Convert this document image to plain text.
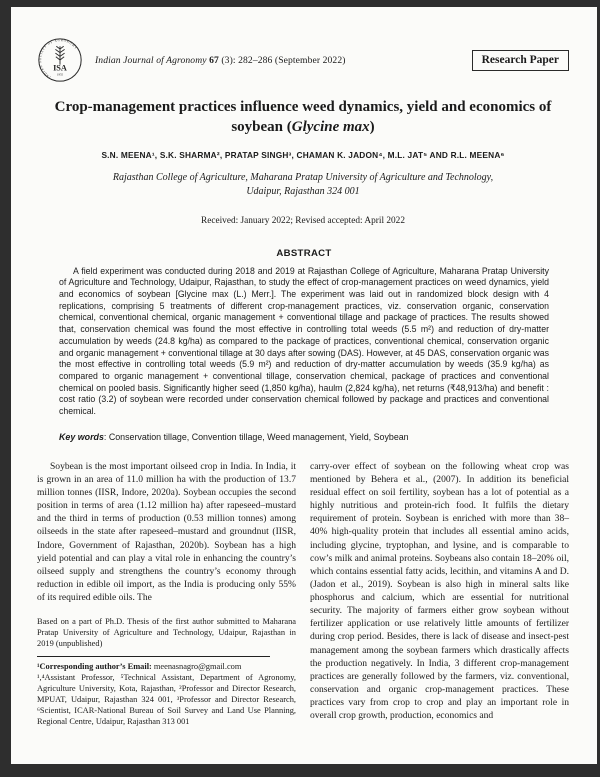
INDIAN SOCIETY OF AGRONOMY
ISA
1955
Indian Journal of Agronomy 67 (3): 282–286 (September 2022)	Research Paper
Crop-management practices influence weed dynamics, yield and economics of
soybean (Glycine max)
S.N. MEENA¹, S.K. SHARMA², PRATAP SINGH³, CHAMAN K. JADON⁴, M.L. JAT⁵ AND R.L. MEENA⁶
Rajasthan College of Agriculture, Maharana Pratap University of Agriculture and Technology,
Udaipur, Rajasthan 324 001
Received: January 2022; Revised accepted: April 2022
ABSTRACT

A field experiment was conducted during 2018 and 2019 at Rajasthan College of Agriculture, Maharana Pratap University of Agriculture and Technology, Udaipur, Rajasthan, to study the effect of crop-management practices on weed dynamics, yield and economics of soybean [Glycine max (L.) Merr.]. The experiment was laid out in randomized block design with 4 replications, comprising 5 treatments of different crop-management practices, viz. conservation organic, conservation chemical, conventional chemical, organic management + conventional tillage and package of practices. The results showed that, conservation chemical was found the most effective in controlling total weeds (5.5 m²) and reduction of dry-matter accumulation by weeds (24.8 kg/ha) as compared to the package of practices, conventional chemical, conservation organic and organic management + conventional tillage at 30 days after sowing (DAS). However, at 45 DAS, conservation organic was the most effective in controlling total weeds (5.9 m²) and reduction of dry-matter accumulation by weeds (35.9 kg/ha) as compared to organic management + conventional tillage, conservation chemical, package of practices and conventional chemical on pooled basis. Significantly higher seed (1,850 kg/ha), haulm (2,824 kg/ha), net returns (₹48,913/ha) and benefit : cost ratio (3.2) of soybean were recorded under conservation chemical followed by package and practices and conventional chemical.

Key words: Conservation tillage, Convention tillage, Weed management, Yield, Soybean

Soybean is the most important oilseed crop in India. In India, it is grown in an area of 11.0 million ha with the production of 13.7 million tonnes (IISR, Indore, 2020a). Soybean occupies the second position in terms of area (1.12 million ha) after rapeseed–mustard and the third in terms of production (0.53 million tonnes) among oilseeds in the state after rapeseed–mustard and groundnut (IISR, Indore, Government of Rajasthan, 2020b). Soybean has a high yield potential and can play a vital role in enhancing the country’s oilseed supply and strengthens the country’s economy through reduction in edible oil import, as the India is producing only 55% of its required edible oils. The

Based on a part of Ph.D. Thesis of the first author submitted to Maharana Pratap University of Agriculture and Technology, Udaipur, Rajasthan in 2019 (unpublished)
¹Corresponding author’s Email: meenasnagro@gmail.com
¹,⁴Assistant Professor, ⁵Technical Assistant, Department of Agronomy, Agriculture University, Kota, Rajasthan, ²Professor and Director Research, MPUAT, Udaipur, Rajasthan 324 001, ³Professor and Director Research, ⁶Scientist, ICAR-National Bureau of Soil Survey and Land Use Planning, Regional Centre, Udaipur, Rajasthan 313 001

carry-over effect of soybean on the following wheat crop was mentioned by Behera et al., (2007). In addition its beneficial residual effect on soil fertility, soybean has a lot of potential as a highly nutritious and protein-rich food. It fulfils the dietary requirement of protein. Soybean is enriched with more than 38–40% high-quality protein that includes all essential amino acids, including glycine, tryptophan, and lysine, and is comparable to cow’s milk and animal proteins. Soybeans also contain 18–20% oil, which contains essential fatty acids, lecithin, and vitamins A and D. (Jadon et al., 2019). Soybean is also high in mineral salts like phosphorus and calcium, which are essential for nutritional security. The majority of farmers either grow soybean without fertilizer application or use relatively little amounts of fertilizer during crop period. Besides, there is lack of disease and insect-pest management among the soybean farmers which drastically affects the production negatively. In India, 3 different crop-management practices are generally followed by the farmers, viz. conventional, conservation and organic crop-management practices. These practices vary from crop to crop and play an important role in overall crop growth, production, economics and
